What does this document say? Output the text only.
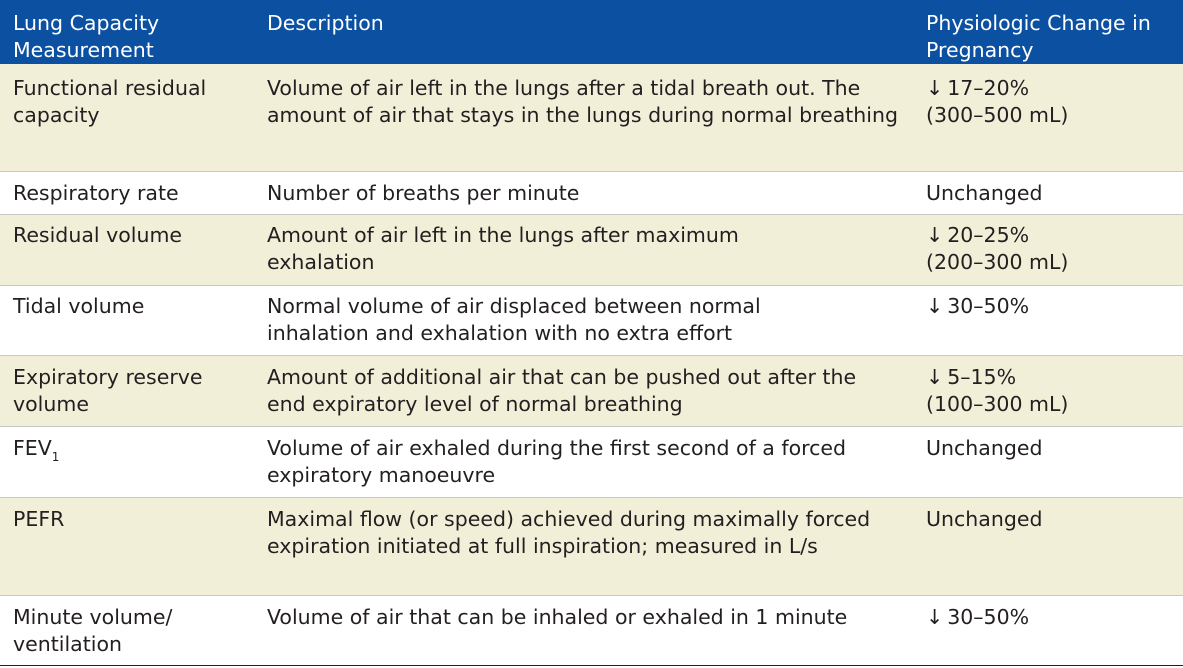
Lung Capacity Measurement	Description	Physiologic Change in Pregnancy
Functional residual capacity	Volume of air left in the lungs after a tidal breath out. The amount of air that stays in the lungs during normal breathing	↓ 17–20%
(300–500 mL)
Respiratory rate	Number of breaths per minute	Unchanged
Residual volume	Amount of air left in the lungs after maximum exhalation	↓ 20–25%
(200–300 mL)
Tidal volume	Normal volume of air displaced between normal inhalation and exhalation with no extra effort	↓ 30–50%
Expiratory reserve volume	Amount of additional air that can be pushed out after the end expiratory level of normal breathing	↓ 5–15%
(100–300 mL)
$FEV_1$	Volume of air exhaled during the first second of a forced expiratory manoeuvre	Unchanged
PEFR	Maximal flow (or speed) achieved during maximally forced expiration initiated at full inspiration; measured in L/s	Unchanged
Minute volume/ ventilation	Volume of air that can be inhaled or exhaled in 1 minute	↓ 30–50%
